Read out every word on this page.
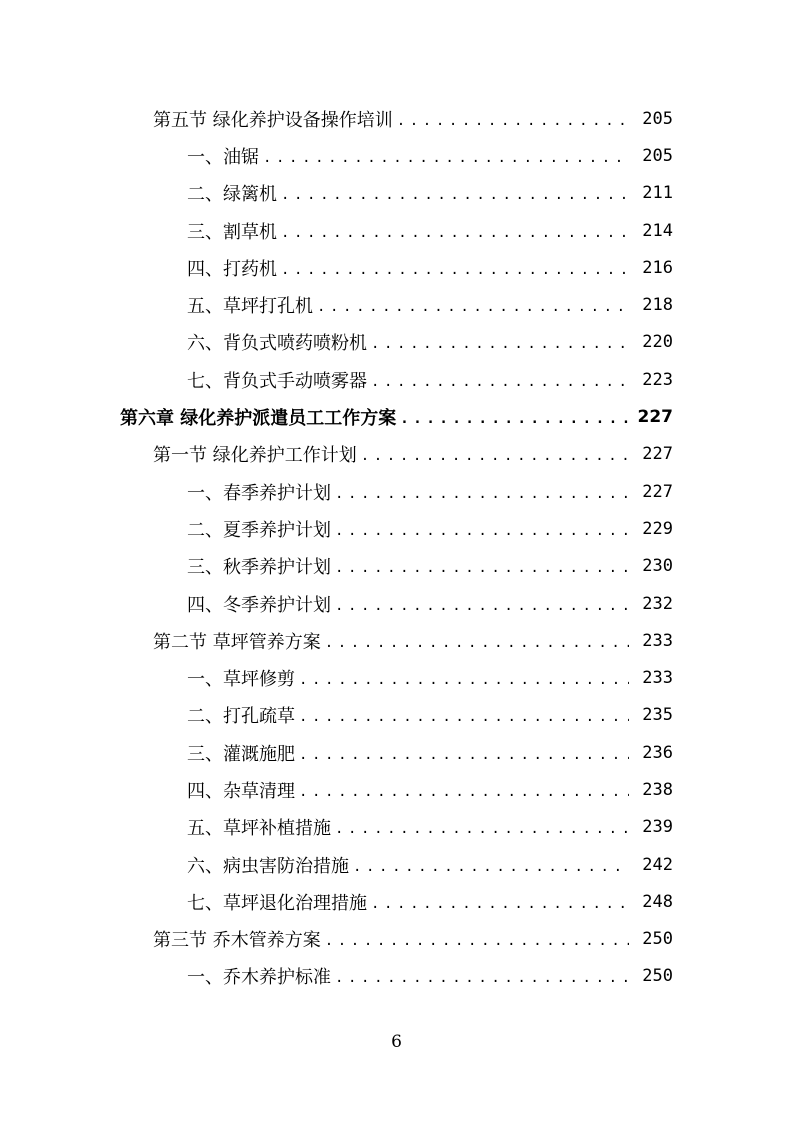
第五节 绿化养护设备操作培训 .....	205
一、油锯 .....	205
二、绿篱机 .....	211
三、割草机 .....	214
四、打药机 .....	216
五、草坪打孔机 .....	218
六、背负式喷药喷粉机 .....	220
七、背负式手动喷雾器 .....	223
第六章 绿化养护派遣员工工作方案 .....	227
第一节 绿化养护工作计划 .....	227
一、春季养护计划 .....	227
二、夏季养护计划 .....	229
三、秋季养护计划 .....	230
四、冬季养护计划 .....	232
第二节 草坪管养方案 .....	233
一、草坪修剪 .....	233
二、打孔疏草 .....	235
三、灌溉施肥 .....	236
四、杂草清理 .....	238
五、草坪补植措施 .....	239
六、病虫害防治措施 .....	242
七、草坪退化治理措施 .....	248
第三节 乔木管养方案 .....	250
一、乔木养护标准 .....	250
6
